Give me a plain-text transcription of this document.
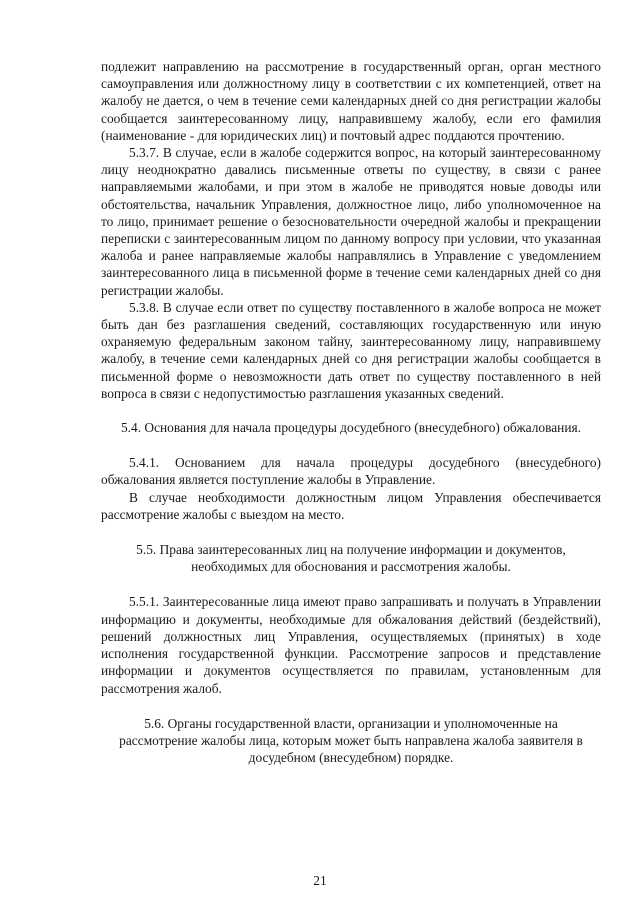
подлежит направлению на рассмотрение в государственный орган, орган местного самоуправления или должностному лицу в соответствии с их компетенцией, ответ на жалобу не дается, о чем в течение семи календарных дней со дня регистрации жалобы сообщается заинтересованному лицу, направившему жалобу, если его фамилия (наименование - для юридических лиц) и почтовый адрес поддаются прочтению.

5.3.7. В случае, если в жалобе содержится вопрос, на который заинтересованному лицу неоднократно давались письменные ответы по существу, в связи с ранее направляемыми жалобами, и при этом в жалобе не приводятся новые доводы или обстоятельства, начальник Управления, должностное лицо, либо уполномоченное на то лицо, принимает решение о безосновательности очередной жалобы и прекращении переписки с заинтересованным лицом по данному вопросу при условии, что указанная жалоба и ранее направляемые жалобы направлялись в Управление с уведомлением заинтересованного лица в письменной форме в течение семи календарных дней со дня регистрации жалобы.

5.3.8. В случае если ответ по существу поставленного в жалобе вопроса не может быть дан без разглашения сведений, составляющих государственную или иную охраняемую федеральным законом тайну, заинтересованному лицу, направившему жалобу, в течение семи календарных дней со дня регистрации жалобы сообщается в письменной форме о невозможности дать ответ по существу поставленного в ней вопроса в связи с недопустимостью разглашения указанных сведений.

5.4. Основания для начала процедуры досудебного (внесудебного) обжалования.

5.4.1. Основанием для начала процедуры досудебного (внесудебного) обжалования является поступление жалобы в Управление.

В случае необходимости должностным лицом Управления обеспечивается рассмотрение жалобы с выездом на место.

5.5. Права заинтересованных лиц на получение информации и документов, необходимых для обоснования и рассмотрения жалобы.

5.5.1. Заинтересованные лица имеют право запрашивать и получать в Управлении информацию и документы, необходимые для обжалования действий (бездействий), решений должностных лиц Управления, осуществляемых (принятых) в ходе исполнения государственной функции. Рассмотрение запросов и представление информации и документов осуществляется по правилам, установленным для рассмотрения жалоб.

5.6. Органы государственной власти, организации и уполномоченные на рассмотрение жалобы лица, которым может быть направлена жалоба заявителя в досудебном (внесудебном) порядке.

21
